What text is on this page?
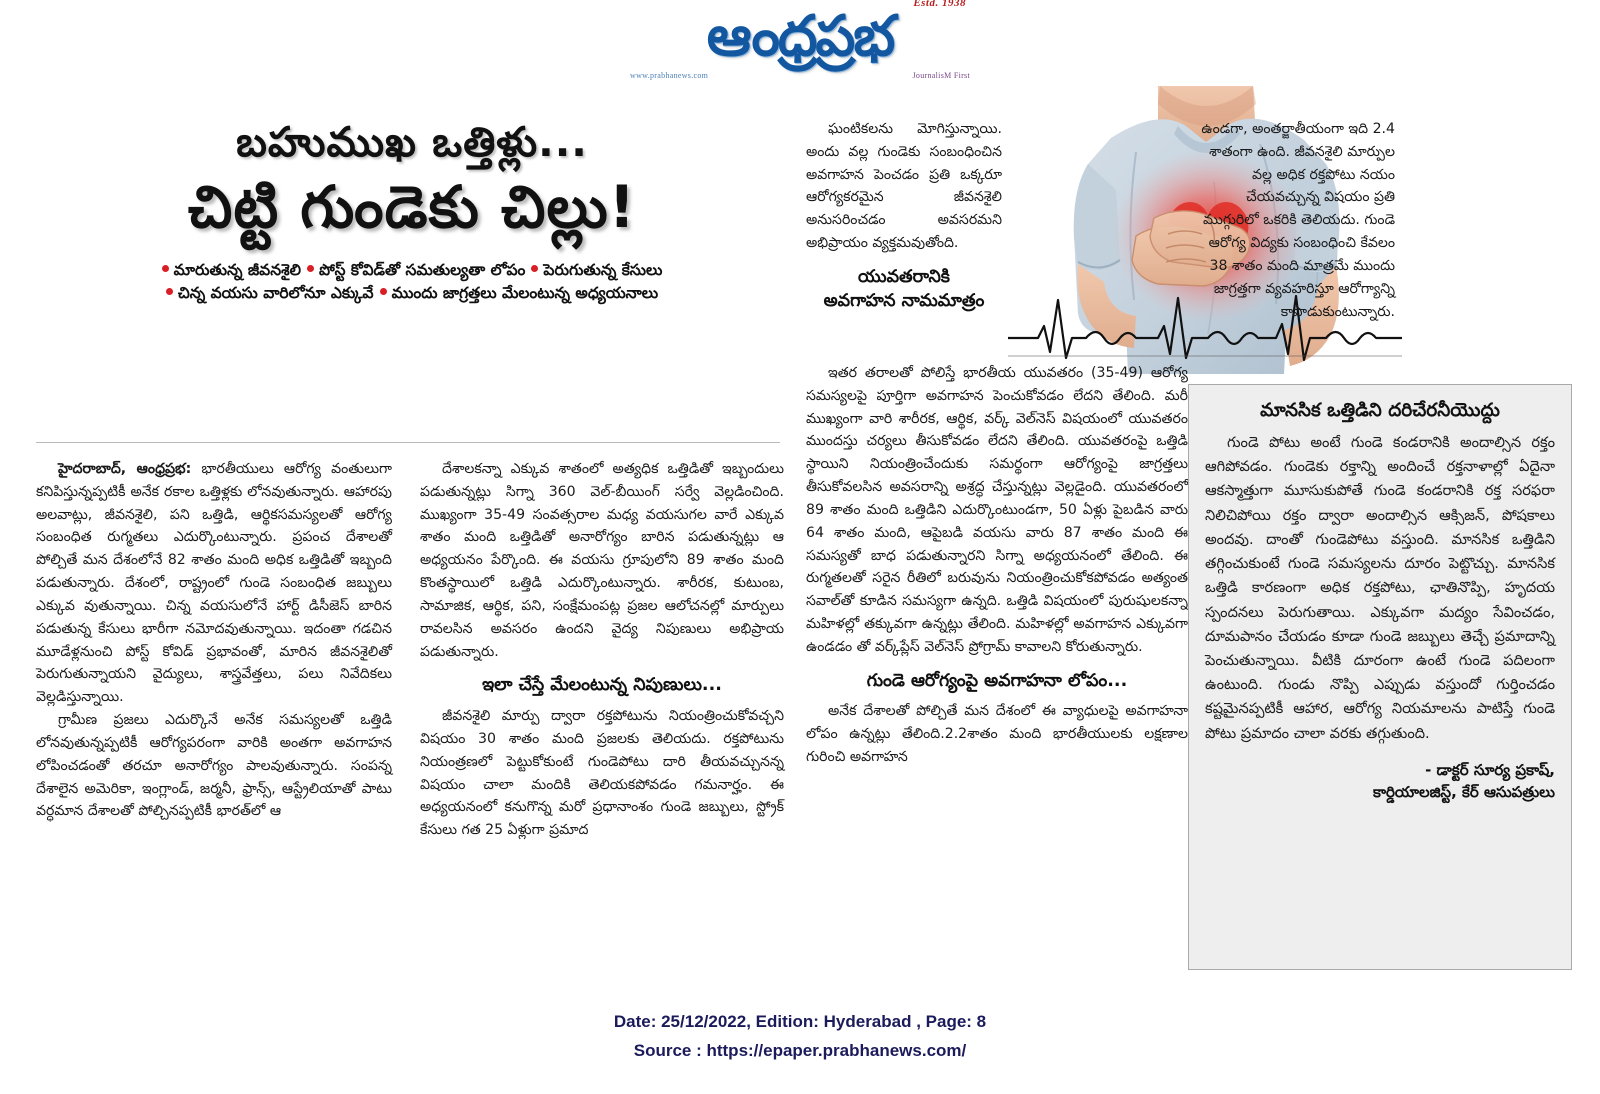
Estd. 1938
ఆంధ్రప్రభ
www.prabhanews.com	JournalisM First
బహుముఖ ఒత్తిళ్లు...
చిట్టి గుండెకు చిల్లు!
మారుతున్న జీవనశైలి పోస్ట్ కోవిడ్‌తో సమతుల్యతా లోపం పెరుగుతున్న కేసులు
చిన్న వయసు వారిలోనూ ఎక్కువే ముందు జాగ్రత్తలు మేలంటున్న అధ్యయనాలు

హైదరాబాద్, ఆంధ్రప్రభ: భారతీయులు ఆరోగ్య వంతులుగా కనిపిస్తున్నప్పటికీ అనేక రకాల ఒత్తిళ్లకు లోనవుతున్నారు. ఆహారపు అలవాట్లు, జీవనశైలి, పని ఒత్తిడి, ఆర్థికసమస్యలతో ఆరోగ్య సంబంధిత రుగ్మతలు ఎదుర్కొంటున్నారు. ప్రపంచ దేశాలతో పోల్చితే మన దేశంలోనే 82 శాతం మంది అధిక ఒత్తిడితో ఇబ్బంది పడుతున్నారు. దేశంలో, రాష్ట్రంలో గుండె సంబంధిత జబ్బులు ఎక్కువ వుతున్నాయి. చిన్న వయసులోనే హార్ట్ డిసీజెస్ బారిన పడుతున్న కేసులు భారీగా నమోదవుతున్నాయి. ఇదంతా గడచిన మూడేళ్లనుంచి పోస్ట్ కోవిడ్ ప్రభావంతో, మారిన జీవనశైలితో పెరుగుతున్నాయని వైద్యులు, శాస్త్రవేత్తలు, పలు నివేదికలు వెల్లడిస్తున్నాయి.

గ్రామీణ ప్రజలు ఎదుర్కొనే అనేక సమస్యలతో ఒత్తిడి లోనవుతున్నప్పటికీ ఆరోగ్యపరంగా వారికి అంతగా అవగాహన లోపించడంతో తరచూ అనారోగ్యం పాలవుతున్నారు. సంపన్న దేశాలైన అమెరికా, ఇంగ్లాండ్, జర్మనీ, ఫ్రాన్స్, ఆస్ట్రేలియాతో పాటు వర్ధమాన దేశాలతో పోల్చినప్పటికీ భారత్‌లో ఆ

దేశాలకన్నా ఎక్కువ శాతంలో అత్యధిక ఒత్తిడితో ఇబ్బందులు పడుతున్నట్లు సిగ్నా 360 వెల్-బీయింగ్ సర్వే వెల్లడించింది. ముఖ్యంగా 35-49 సంవత్సరాల మధ్య వయసుగల వారే ఎక్కువ శాతం మంది ఒత్తిడితో అనారోగ్యం బారిన పడుతున్నట్లు ఆ అధ్యయనం పేర్కొంది. ఈ వయసు గ్రూపులోని 89 శాతం మంది కొంతస్థాయిలో ఒత్తిడి ఎదుర్కొంటున్నారు. శారీరక, కుటుంబ, సామాజిక, ఆర్థిక, పని, సంక్షేమంపట్ల ప్రజల ఆలోచనల్లో మార్పులు రావలసిన అవసరం ఉందని వైద్య నిపుణులు అభిప్రాయ పడుతున్నారు.

ఇలా చేస్తే మేలంటున్న నిపుణులు...

జీవనశైలి మార్పు ద్వారా రక్తపోటును నియంత్రించుకోవచ్చని విషయం 30 శాతం మంది ప్రజలకు తెలియదు. రక్తపోటును నియంత్రణలో పెట్టుకోకుంటే గుండెపోటు దారి తీయవచ్చునన్న విషయం చాలా మందికి తెలియకపోవడం గమనార్హం. ఈ అధ్యయనంలో కనుగొన్న మరో ప్రధానాంశం గుండె జబ్బులు, స్ట్రోక్ కేసులు గత 25 ఏళ్లుగా ప్రమాద

ఘంటికలను మోగిస్తున్నాయి. అందు వల్ల గుండెకు సంబంధించిన అవగాహన పెంచడం ప్రతి ఒక్కరూ ఆరోగ్యకరమైన జీవనశైలి అనుసరించడం అవసరమని అభిప్రాయం వ్యక్తమవుతోంది.

యువతరానికి
అవగాహన నామమాత్రం

ఇతర తరాలతో పోలిస్తే భారతీయ యువతరం (35-49) ఆరోగ్య సమస్యలపై పూర్తిగా అవగాహన పెంచుకోవడం లేదని తేలింది. మరీ ముఖ్యంగా వారి శారీరక, ఆర్థిక, వర్క్ వెల్‌నెస్ విషయంలో యువతరం ముందస్తు చర్యలు తీసుకోవడం లేదని తేలింది. యువతరంపై ఒత్తిడి స్థాయిని నియంత్రించేందుకు సమర్థంగా ఆరోగ్యంపై జాగ్రత్తలు తీసుకోవలసిన అవసరాన్ని అశ్రద్ధ చేస్తున్నట్లు వెల్లడైంది. యువతరంలో 89 శాతం మంది ఒత్తిడిని ఎదుర్కొంటుండగా, 50 ఏళ్లు పైబడిన వారు 64 శాతం మంది, ఆపైబడి వయసు వారు 87 శాతం మంది ఈ సమస్యతో బాధ పడుతున్నారని సిగ్నా అధ్యయనంలో తేలింది. ఈ రుగ్మతలతో సరైన రీతిలో బరువును నియంత్రించుకోకపోవడం అత్యంత సవాల్‌తో కూడిన సమస్యగా ఉన్నది. ఒత్తిడి విషయంలో పురుషులకన్నా మహిళల్లో తక్కువగా ఉన్నట్లు తేలింది. మహిళల్లో అవగాహన ఎక్కువగా ఉండడం తో వర్క్‌ప్లేస్ వెల్‌నెస్ ప్రోగ్రామ్ కావాలని కోరుతున్నారు.

గుండె ఆరోగ్యంపై అవగాహనా లోపం...

అనేక దేశాలతో పోల్చితే మన దేశంలో ఈ వ్యాధులపై అవగాహనా లోపం ఉన్నట్లు తేలింది.2.2శాతం మంది భారతీయులకు లక్షణాల గురించి అవగాహన

ఉండగా, అంతర్జాతీయంగా ఇది 2.4 శాతంగా ఉంది. జీవనశైలి మార్పుల వల్ల అధిక రక్తపోటు నయం చేయవచ్చున్న విషయం ప్రతి ముగ్గురిలో ఒకరికి తెలియదు. గుండె ఆరోగ్య విద్యకు సంబంధించి కేవలం 38 శాతం మంది మాత్రమే ముందు జాగ్రత్తగా వ్యవహరిస్తూ ఆరోగ్యాన్ని కాపాడుకుంటున్నారు.

మానసిక ఒత్తిడిని దరిచేరనీయొద్దు

గుండె పోటు అంటే గుండె కండరానికి అందాల్సిన రక్తం ఆగిపోవడం. గుండెకు రక్తాన్ని అందించే రక్తనాళాల్లో ఏదైనా ఆకస్మాత్తుగా మూసుకుపోతే గుండె కండరానికి రక్త సరఫరా నిలిచిపోయి రక్తం ద్వారా అందాల్సిన ఆక్సిజన్, పోషకాలు అందవు. దాంతో గుండెపోటు వస్తుంది. మానసిక ఒత్తిడిని తగ్గించుకుంటే గుండె సమస్యలను దూరం పెట్టొచ్చు. మానసిక ఒత్తిడి కారణంగా అధిక రక్తపోటు, ఛాతినొప్పి, హృదయ స్పందనలు పెరుగుతాయి. ఎక్కువగా మద్యం సేవించడం, దూమపానం చేయడం కూడా గుండె జబ్బులు తెచ్చే ప్రమాదాన్ని పెంచుతున్నాయి. వీటికి దూరంగా ఉంటే గుండె పదిలంగా ఉంటుంది. గుండు నొప్పి ఎప్పుడు వస్తుందో గుర్తించడం కష్టమైనప్పటికీ ఆహార, ఆరోగ్య నియమాలను పాటిస్తే గుండె పోటు ప్రమాదం చాలా వరకు తగ్గుతుంది.

- డాక్టర్ సూర్య ప్రకాష్,
కార్డియాలజిస్ట్, కేర్ ఆసుపత్రులు
Date: 25/12/2022, Edition: Hyderabad , Page: 8
Source : https://epaper.prabhanews.com/
